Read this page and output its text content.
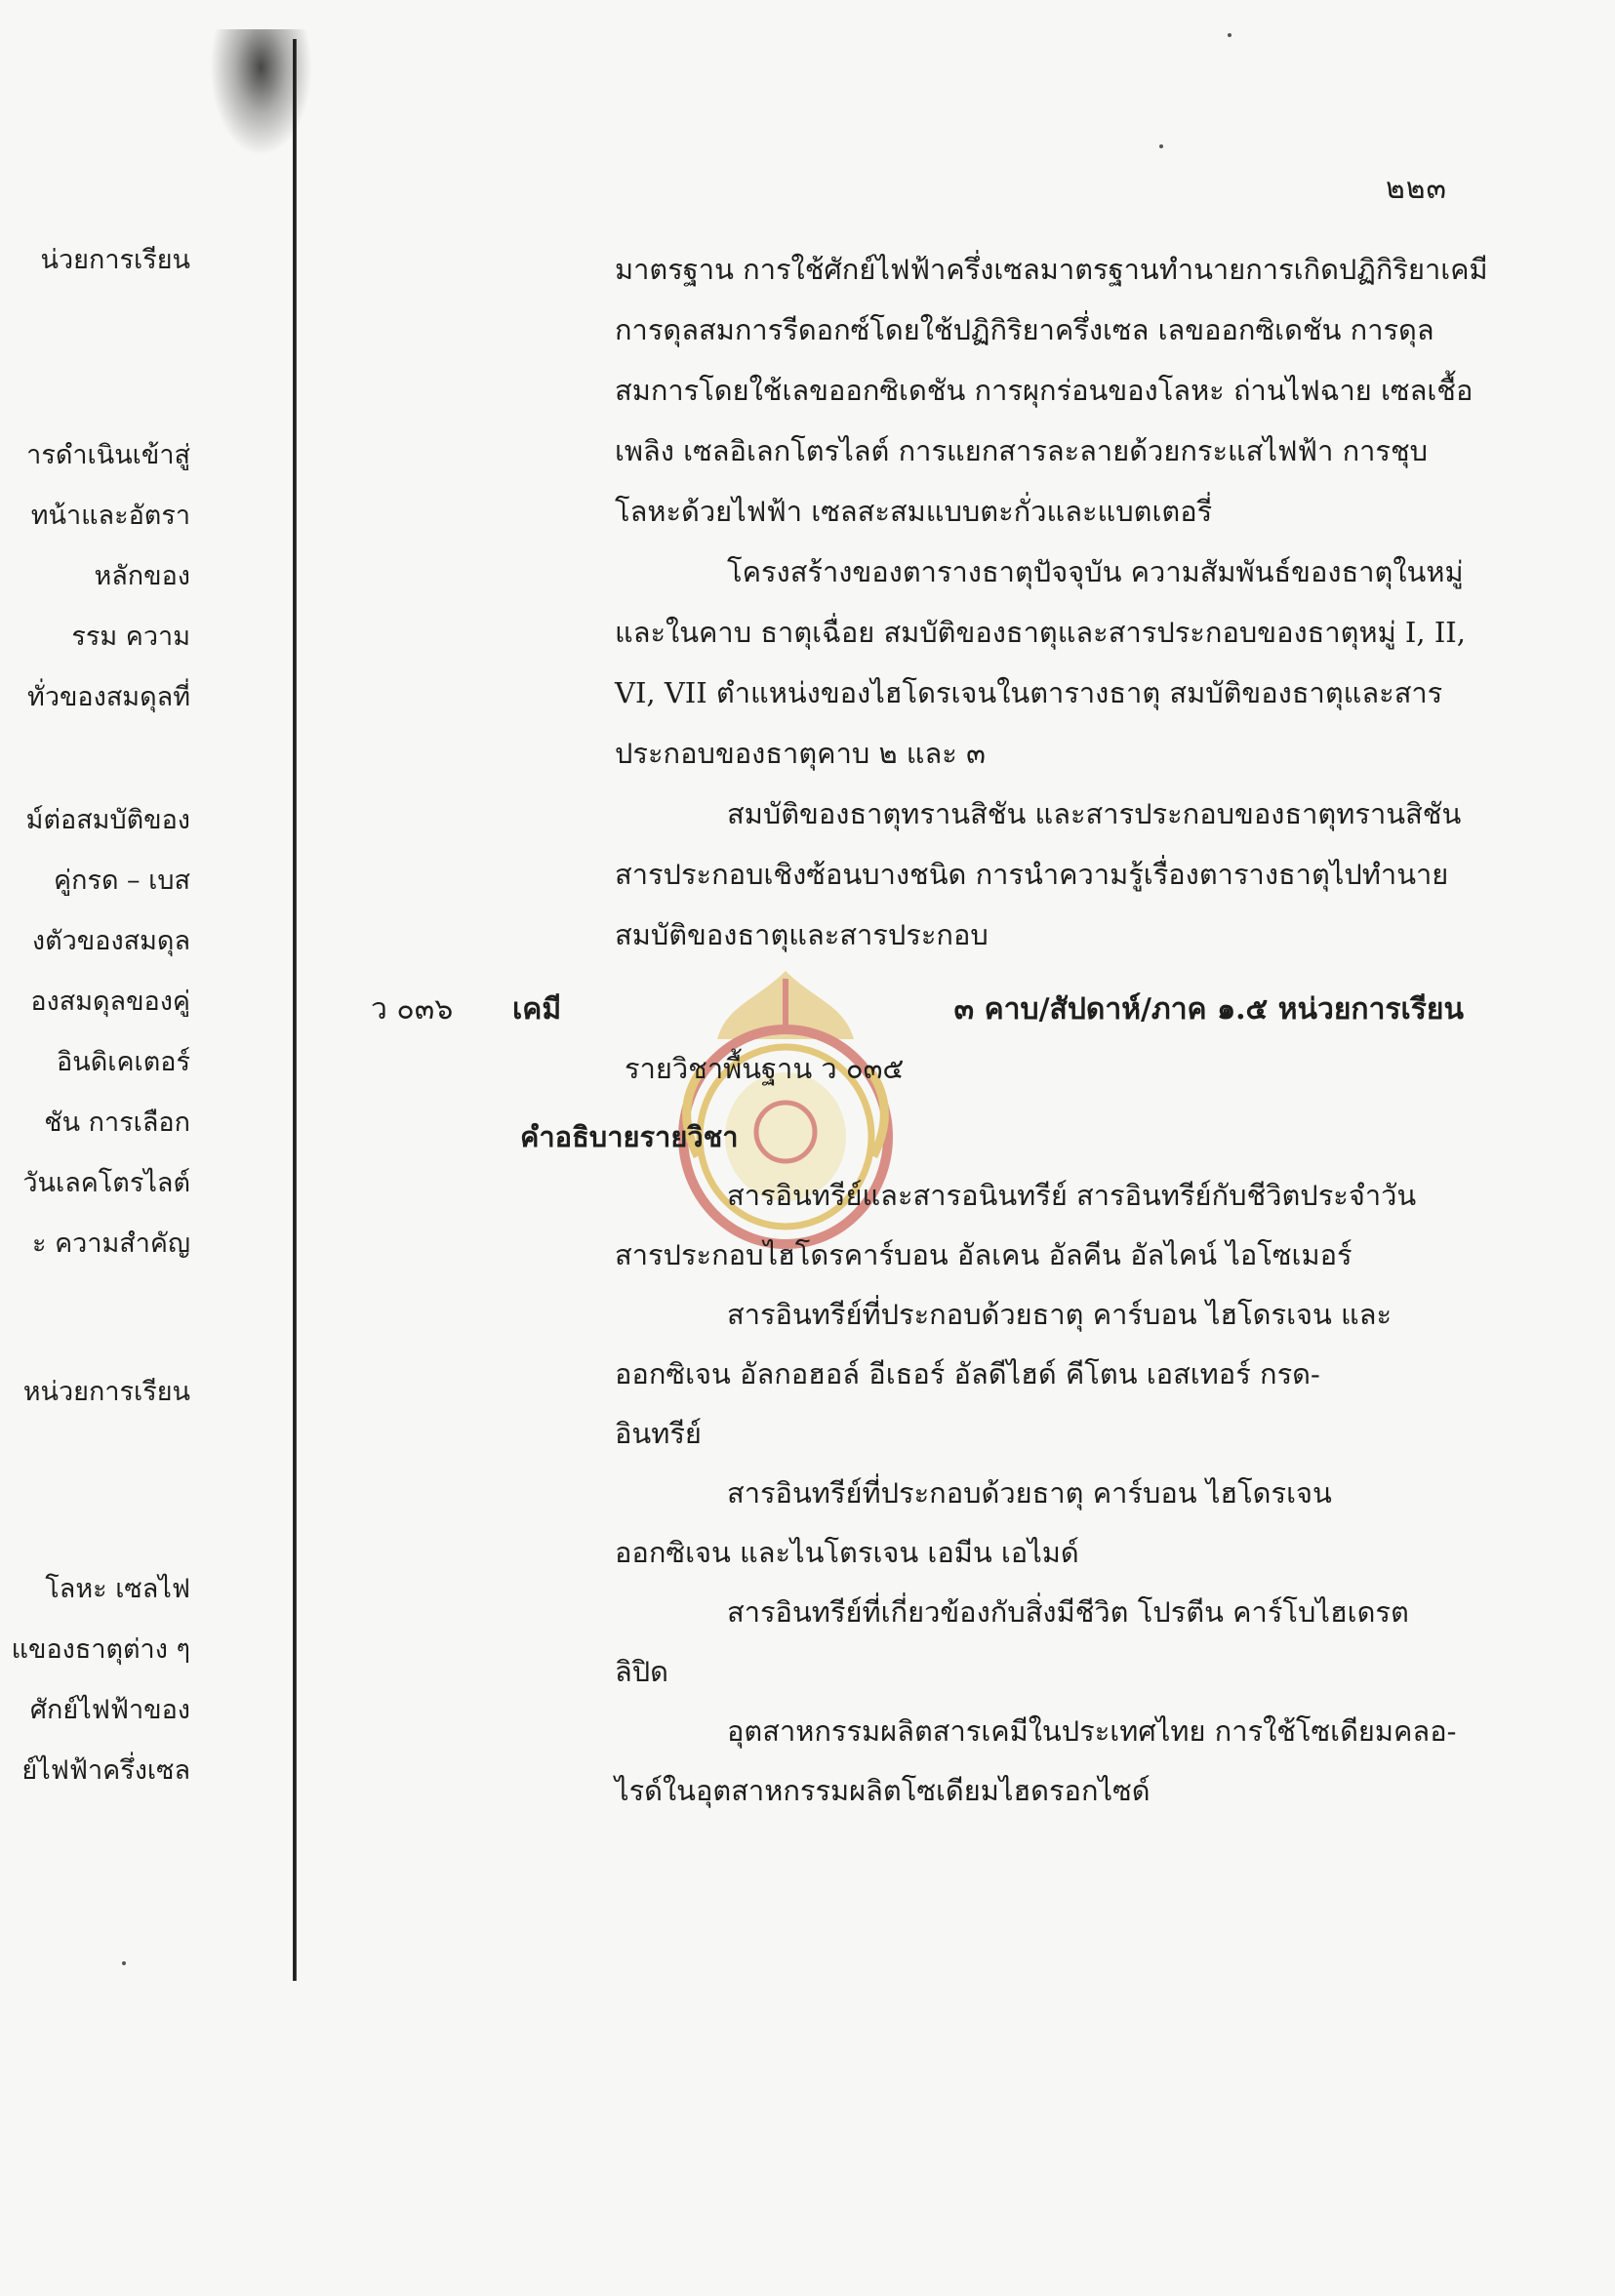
น่วยการเรียน
ารดำเนินเข้าสู่
ทน้าและอัตรา
หลักของ
รรม ความ
ทั่วของสมดุลที่
ม์ต่อสมบัติของ
คู่กรด – เบส
งตัวของสมดุล
องสมดุลของคู่
อินดิเคเตอร์
ชัน การเลือก
วันเลคโตรไลต์
ะ ความสำคัญ
หน่วยการเรียน
โลหะ เซลไฟ
แของธาตุต่าง ๆ
ศักย์ไฟฟ้าของ
ย์ไฟฟ้าครึ่งเซล
๒๒๓
มาตรฐาน การใช้ศักย์ไฟฟ้าครึ่งเซลมาตรฐานทำนายการเกิดปฏิกิริยาเคมี
การดุลสมการรีดอกซ์โดยใช้ปฏิกิริยาครึ่งเซล เลขออกซิเดชัน การดุล
สมการโดยใช้เลขออกซิเดชัน การผุกร่อนของโลหะ ถ่านไฟฉาย เซลเชื้อ
เพลิง เซลอิเลกโตรไลต์ การแยกสารละลายด้วยกระแสไฟฟ้า การชุบ
โลหะด้วยไฟฟ้า เซลสะสมแบบตะกั่วและแบตเตอรี่
โครงสร้างของตารางธาตุปัจจุบัน ความสัมพันธ์ของธาตุในหมู่
และในคาบ ธาตุเฉื่อย สมบัติของธาตุและสารประกอบของธาตุหมู่ I, II,
VI, VII ตำแหน่งของไฮโดรเจนในตารางธาตุ สมบัติของธาตุและสาร
ประกอบของธาตุคาบ ๒ และ ๓
สมบัติของธาตุทรานสิชัน และสารประกอบของธาตุทรานสิชัน
สารประกอบเชิงซ้อนบางชนิด การนำความรู้เรื่องตารางธาตุไปทำนาย
สมบัติของธาตุและสารประกอบ
ว ๐๓๖ เคมี	๓ คาบ/สัปดาห์/ภาค ๑.๕ หน่วยการเรียน
รายวิชาพื้นฐาน ว ๐๓๕
คำอธิบายรายวิชา
สารอินทรีย์และสารอนินทรีย์ สารอินทรีย์กับชีวิตประจำวัน
สารประกอบไฮโดรคาร์บอน อัลเคน อัลคีน อัลไคน์ ไอโซเมอร์
สารอินทรีย์ที่ประกอบด้วยธาตุ คาร์บอน ไฮโดรเจน และ
ออกซิเจน อัลกอฮอล์ อีเธอร์ อัลดีไฮด์ คีโตน เอสเทอร์ กรด-
อินทรีย์
สารอินทรีย์ที่ประกอบด้วยธาตุ คาร์บอน ไฮโดรเจน
ออกซิเจน และไนโตรเจน เอมีน เอไมด์
สารอินทรีย์ที่เกี่ยวข้องกับสิ่งมีชีวิต โปรตีน คาร์โบไฮเดรต
ลิปิด
อุตสาหกรรมผลิตสารเคมีในประเทศไทย การใช้โซเดียมคลอ-
ไรด์ในอุตสาหกรรมผลิตโซเดียมไฮดรอกไซด์
